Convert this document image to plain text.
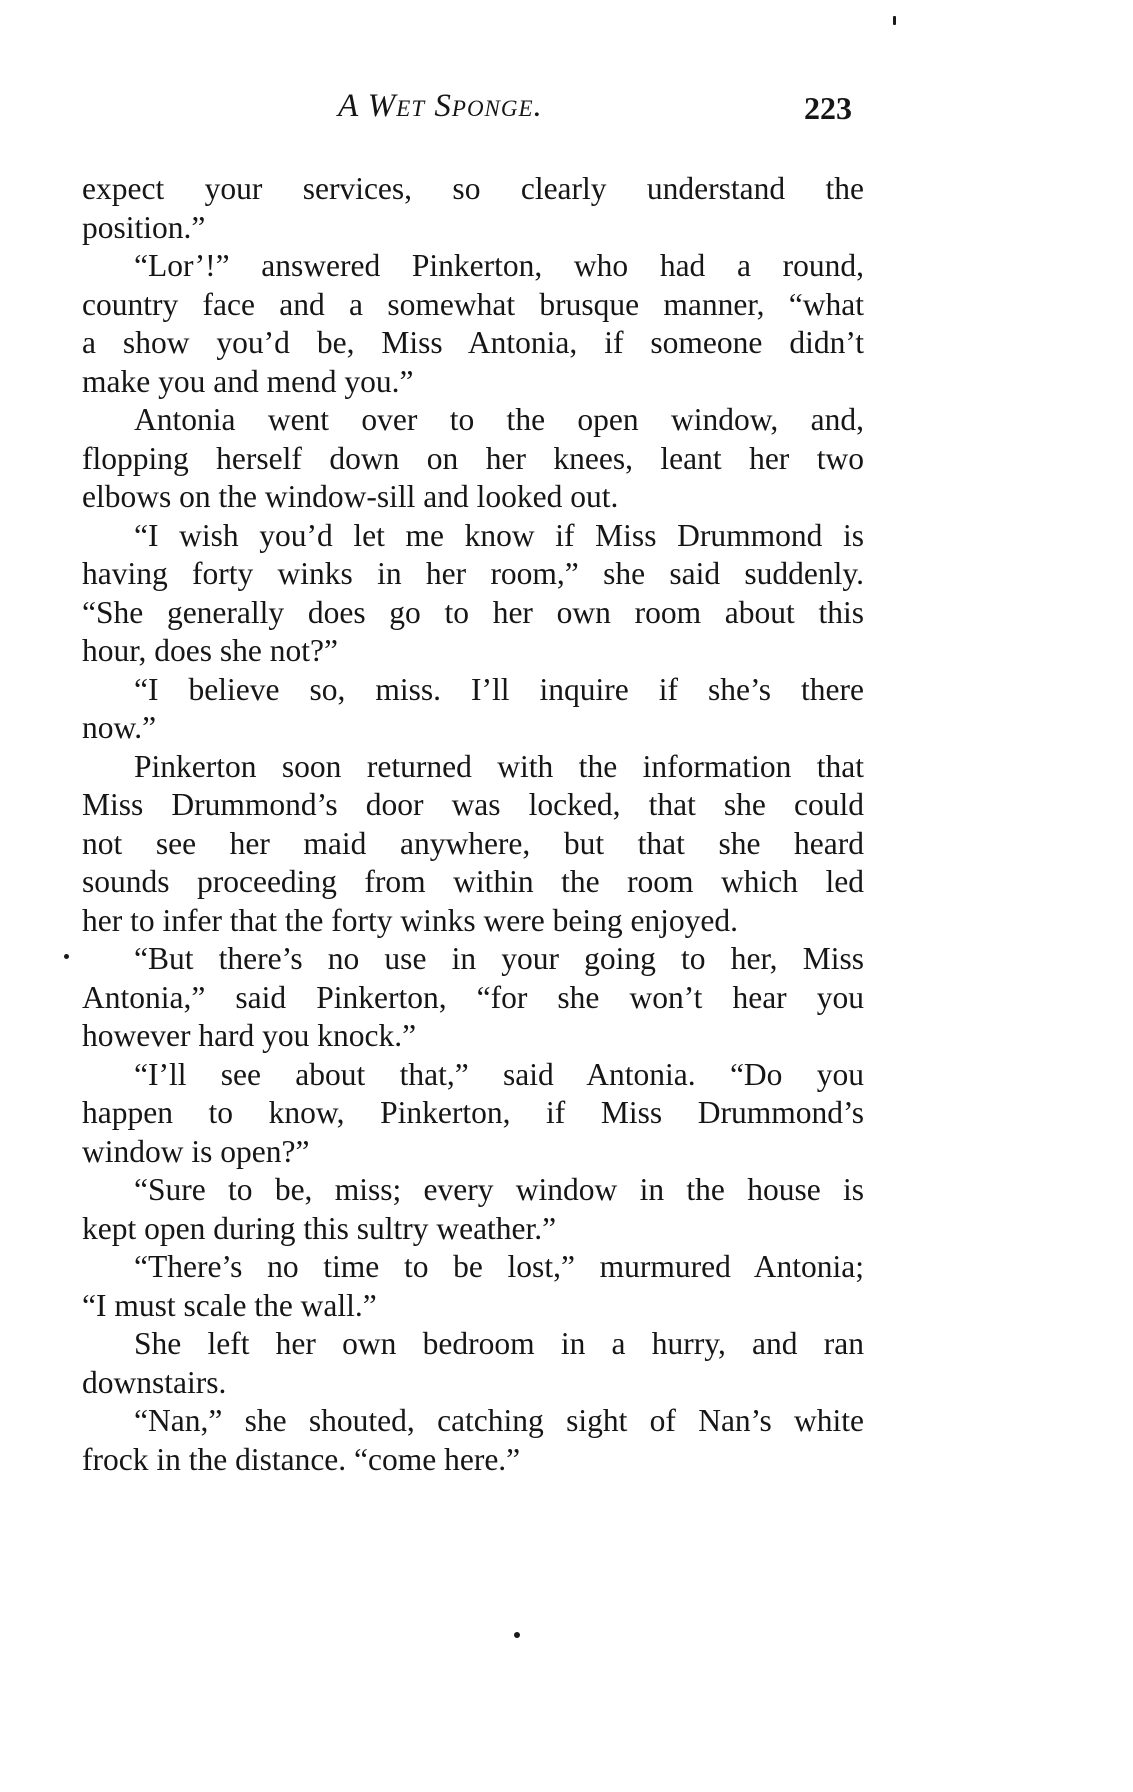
A Wet Sponge.	223
expect your services, so clearly understand the
position.”
“Lor’!” answered Pinkerton, who had a round,
country face and a somewhat brusque manner, “what
a show you’d be, Miss Antonia, if someone didn’t
make you and mend you.”
Antonia went over to the open window, and,
flopping herself down on her knees, leant her two
elbows on the window-sill and looked out.
“I wish you’d let me know if Miss Drummond is
having forty winks in her room,” she said suddenly.
“She generally does go to her own room about this
hour, does she not?”
“I believe so, miss. I’ll inquire if she’s there
now.”
Pinkerton soon returned with the information that
Miss Drummond’s door was locked, that she could
not see her maid anywhere, but that she heard
sounds proceeding from within the room which led
her to infer that the forty winks were being enjoyed.
“But there’s no use in your going to her, Miss
Antonia,” said Pinkerton, “for she won’t hear you
however hard you knock.”
“I’ll see about that,” said Antonia. “Do you
happen to know, Pinkerton, if Miss Drummond’s
window is open?”
“Sure to be, miss; every window in the house is
kept open during this sultry weather.”
“There’s no time to be lost,” murmured Antonia;
“I must scale the wall.”
She left her own bedroom in a hurry, and ran
downstairs.
“Nan,” she shouted, catching sight of Nan’s white
frock in the distance. “come here.”
